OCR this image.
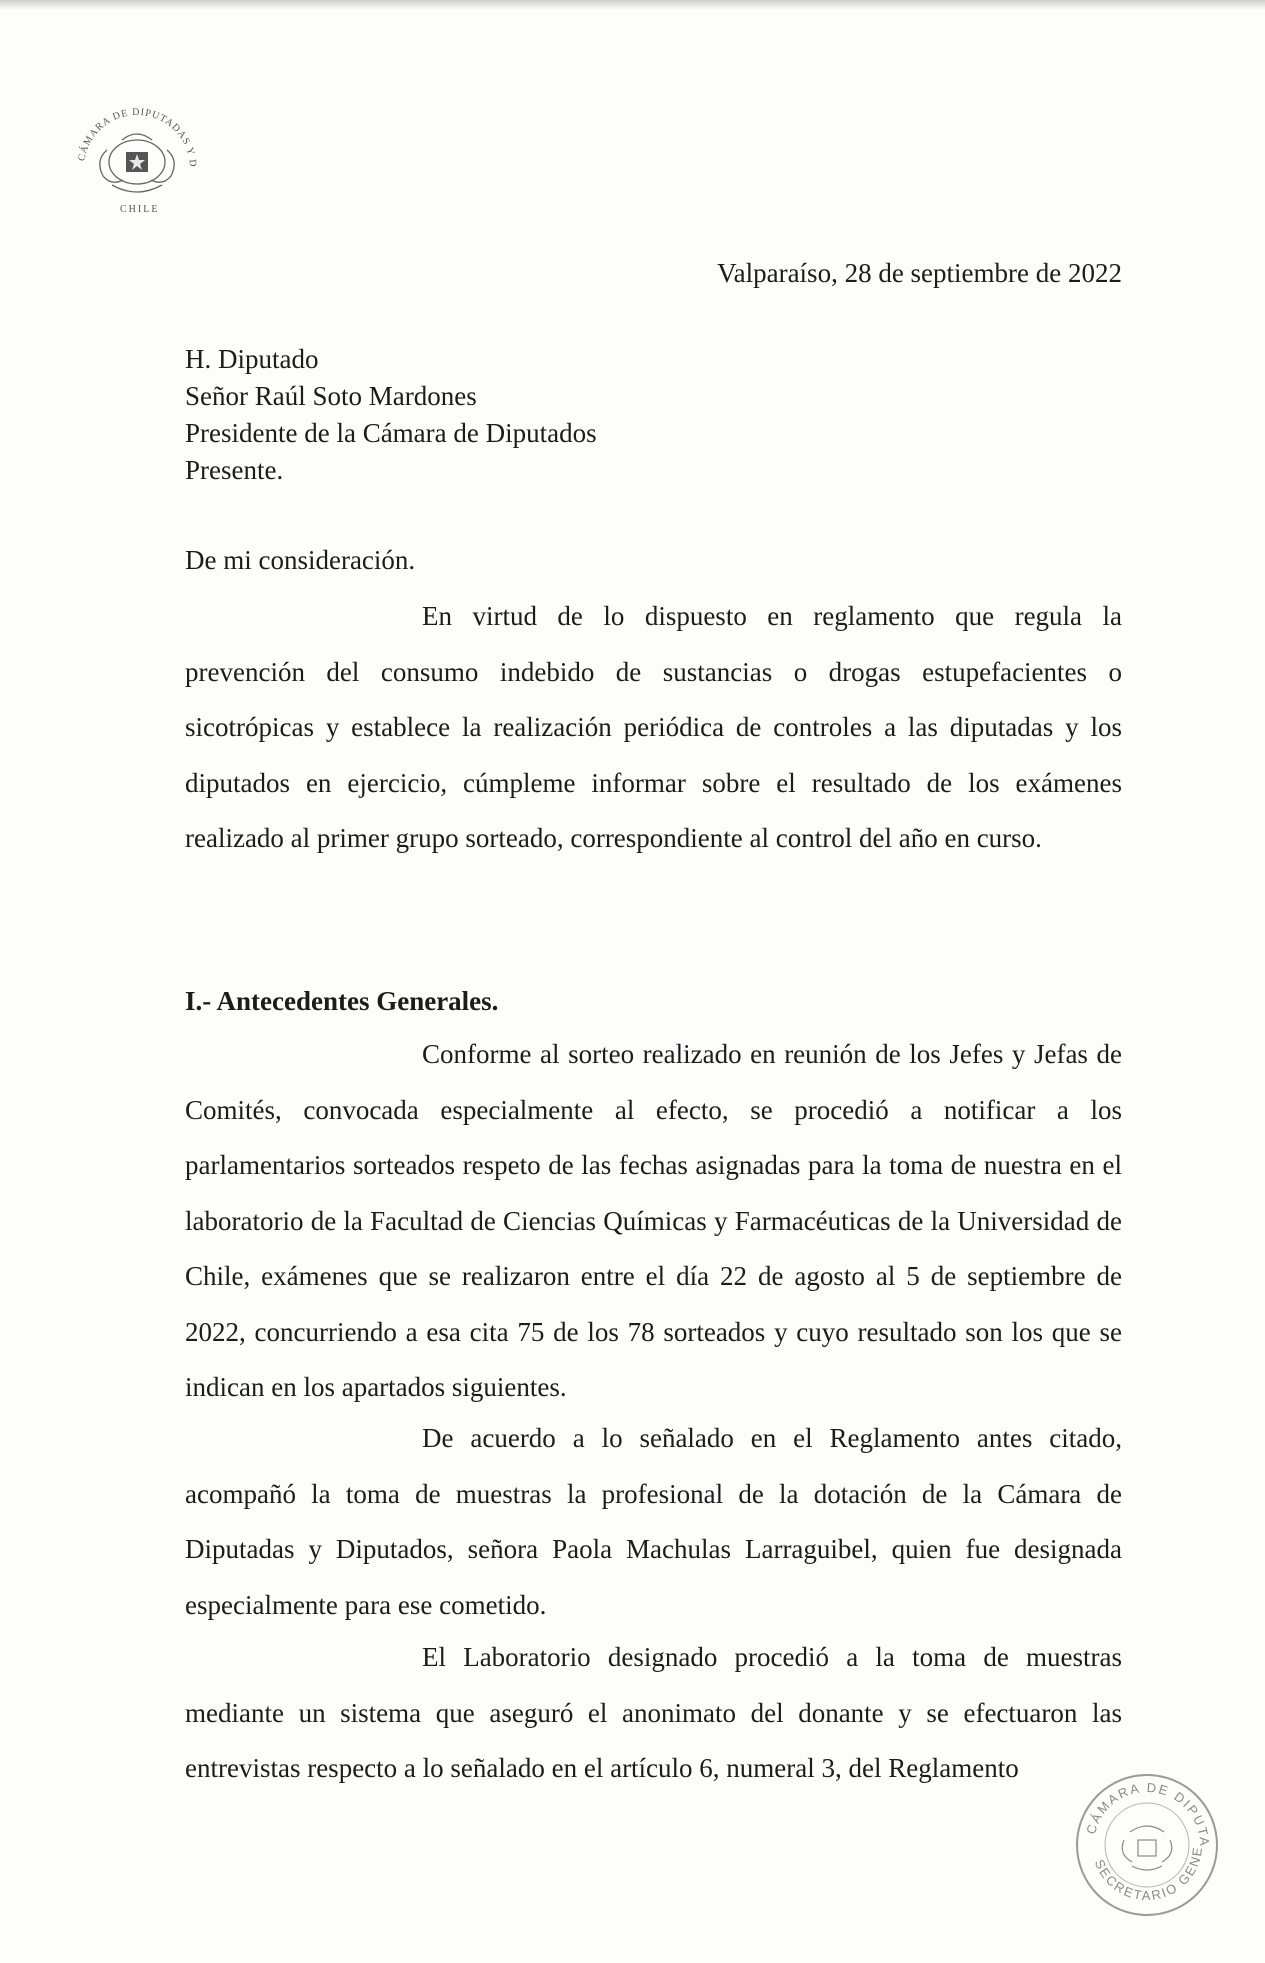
CÁMARA DE DIPUTADAS Y D
CHILE
Valparaíso, 28 de septiembre de 2022
H. Diputado
Señor Raúl Soto Mardones
Presidente de la Cámara de Diputados
Presente.
De mi consideración.

En virtud de lo dispuesto en reglamento que regula la prevención del consumo indebido de sustancias o drogas estupefacientes o sicotrópicas y establece la realización periódica de controles a las diputadas y los diputados en ejercicio, cúmpleme informar sobre el resultado de los exámenes realizado al primer grupo sorteado, correspondiente al control del año en curso.

I.- Antecedentes Generales.

Conforme al sorteo realizado en reunión de los Jefes y Jefas de Comités, convocada especialmente al efecto, se procedió a notificar a los parlamentarios sorteados respeto de las fechas asignadas para la toma de nuestra en el laboratorio de la Facultad de Ciencias Químicas y Farmacéuticas de la Universidad de Chile, exámenes que se realizaron entre el día 22 de agosto al 5 de septiembre de 2022, concurriendo a esa cita 75 de los 78 sorteados y cuyo resultado son los que se indican en los apartados siguientes.

De acuerdo a lo señalado en el Reglamento antes citado, acompañó la toma de muestras la profesional de la dotación de la Cámara de Diputadas y Diputados, señora Paola Machulas Larraguibel, quien fue designada especialmente para ese cometido.

El Laboratorio designado procedió a la toma de muestras mediante un sistema que aseguró el anonimato del donante y se efectuaron las entrevistas respecto a lo señalado en el artículo 6, numeral 3, del Reglamento

CÁMARA DE DIPUTA
SECRETARIO GENE
